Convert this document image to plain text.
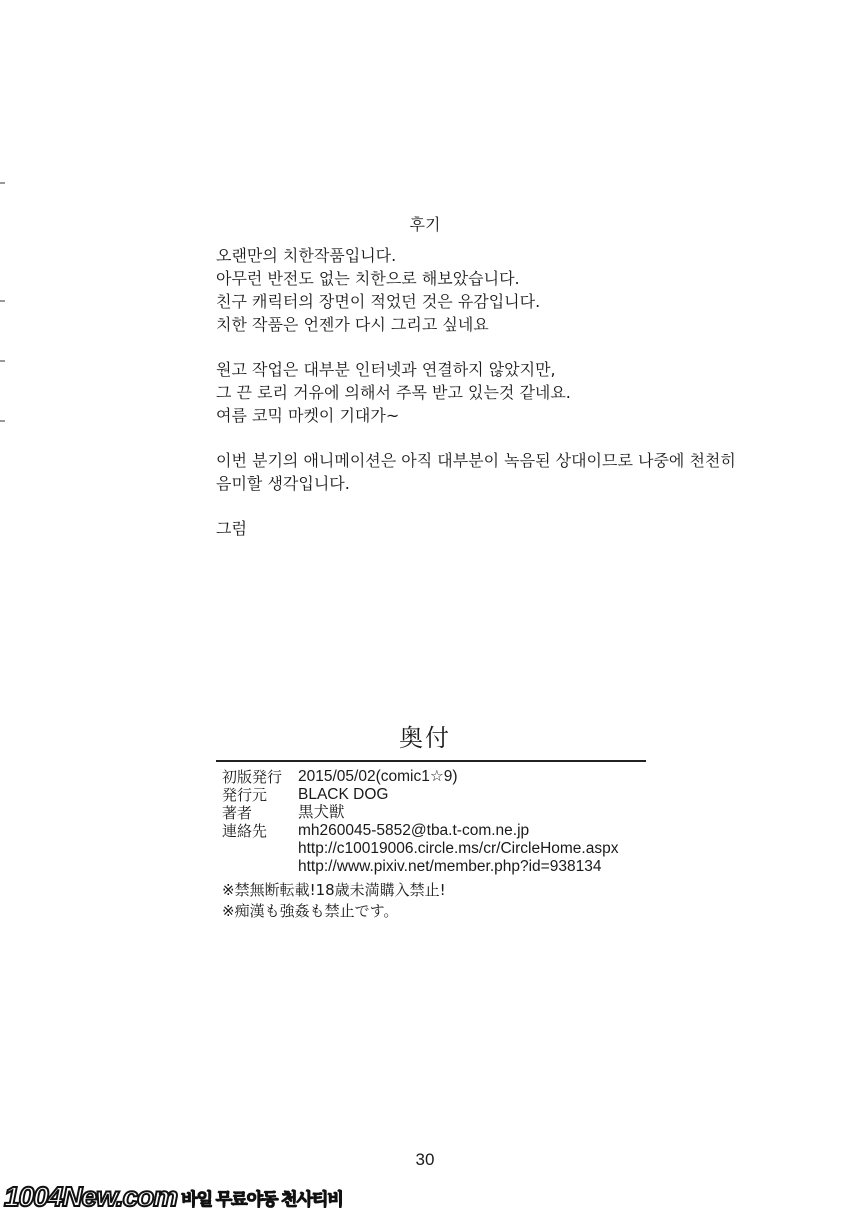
후기
오랜만의 치한작품입니다.
아무런 반전도 없는 치한으로 해보았습니다.
친구 캐릭터의 장면이 적었던 것은 유감입니다.
치한 작품은 언젠가 다시 그리고 싶네요
원고 작업은 대부분 인터넷과 연결하지 않았지만,
그 끈 로리 거유에 의해서 주목 받고 있는것 같네요.
여름 코믹 마켓이 기대가~
이번 분기의 애니메이션은 아직 대부분이 녹음된 상대이므로 나중에 천천히
음미할 생각입니다.
그럼
奥付
初版発行	2015/05/02(comic1☆9)
発行元	BLACK DOG
著者	黒犬獣
連絡先	mh260045-5852@tba.t-com.ne.jp
http://c10019006.circle.ms/cr/CircleHome.aspx
http://www.pixiv.net/member.php?id=938134
※禁無断転載!18歳未満購入禁止!
※痴漢も強姦も禁止です。
30
1004New.com 바일 무료야동 천사티비
